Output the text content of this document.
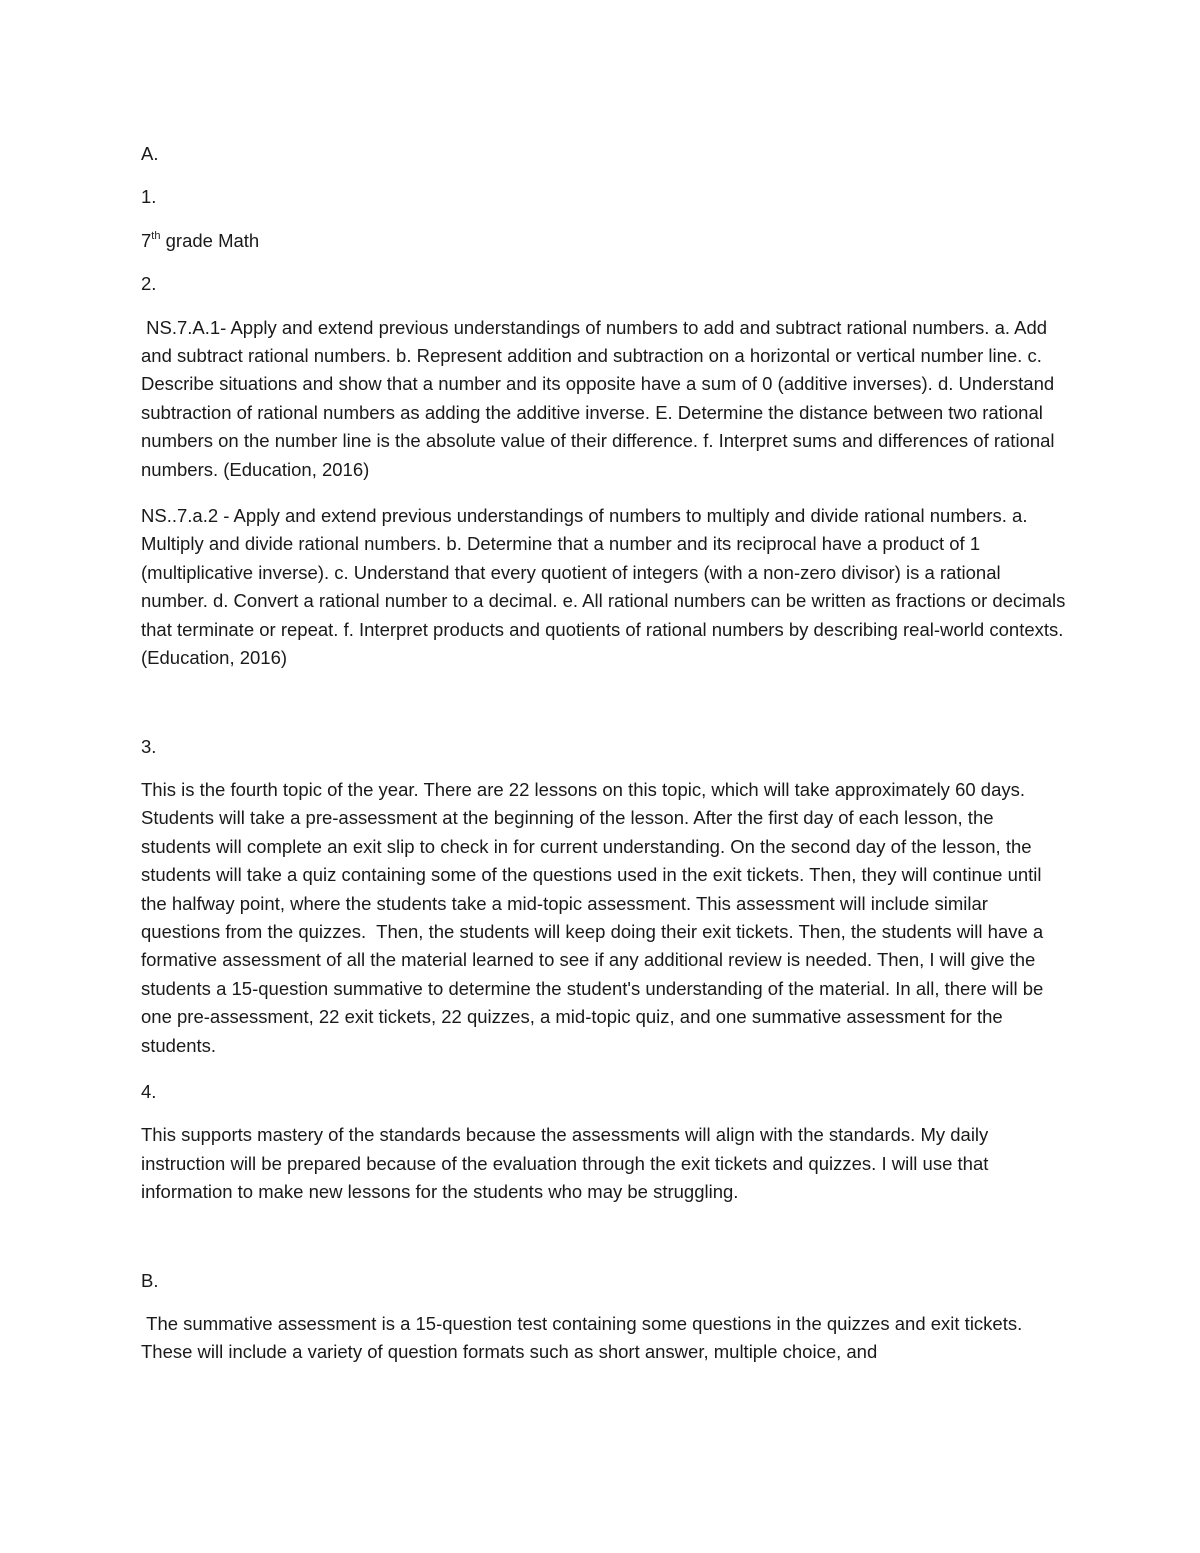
A.

1.

7th grade Math

2.

NS.7.A.1- Apply and extend previous understandings of numbers to add and subtract rational numbers. a. Add and subtract rational numbers. b. Represent addition and subtraction on a horizontal or vertical number line. c. Describe situations and show that a number and its opposite have a sum of 0 (additive inverses). d. Understand subtraction of rational numbers as adding the additive inverse. E. Determine the distance between two rational numbers on the number line is the absolute value of their difference. f. Interpret sums and differences of rational numbers. (Education, 2016)

NS..7.a.2 - Apply and extend previous understandings of numbers to multiply and divide rational numbers. a. Multiply and divide rational numbers. b. Determine that a number and its reciprocal have a product of 1 (multiplicative inverse). c. Understand that every quotient of integers (with a non-zero divisor) is a rational number. d. Convert a rational number to a decimal. e. All rational numbers can be written as fractions or decimals that terminate or repeat. f. Interpret products and quotients of rational numbers by describing real-world contexts. (Education, 2016)

3.

This is the fourth topic of the year. There are 22 lessons on this topic, which will take approximately 60 days. Students will take a pre-assessment at the beginning of the lesson. After the first day of each lesson, the students will complete an exit slip to check in for current understanding. On the second day of the lesson, the students will take a quiz containing some of the questions used in the exit tickets. Then, they will continue until the halfway point, where the students take a mid-topic assessment. This assessment will include similar questions from the quizzes.  Then, the students will keep doing their exit tickets. Then, the students will have a formative assessment of all the material learned to see if any additional review is needed. Then, I will give the students a 15-question summative to determine the student's understanding of the material. In all, there will be one pre-assessment, 22 exit tickets, 22 quizzes, a mid-topic quiz, and one summative assessment for the students.

4.

This supports mastery of the standards because the assessments will align with the standards. My daily instruction will be prepared because of the evaluation through the exit tickets and quizzes. I will use that information to make new lessons for the students who may be struggling.

B.

The summative assessment is a 15-question test containing some questions in the quizzes and exit tickets. These will include a variety of question formats such as short answer, multiple choice, and
